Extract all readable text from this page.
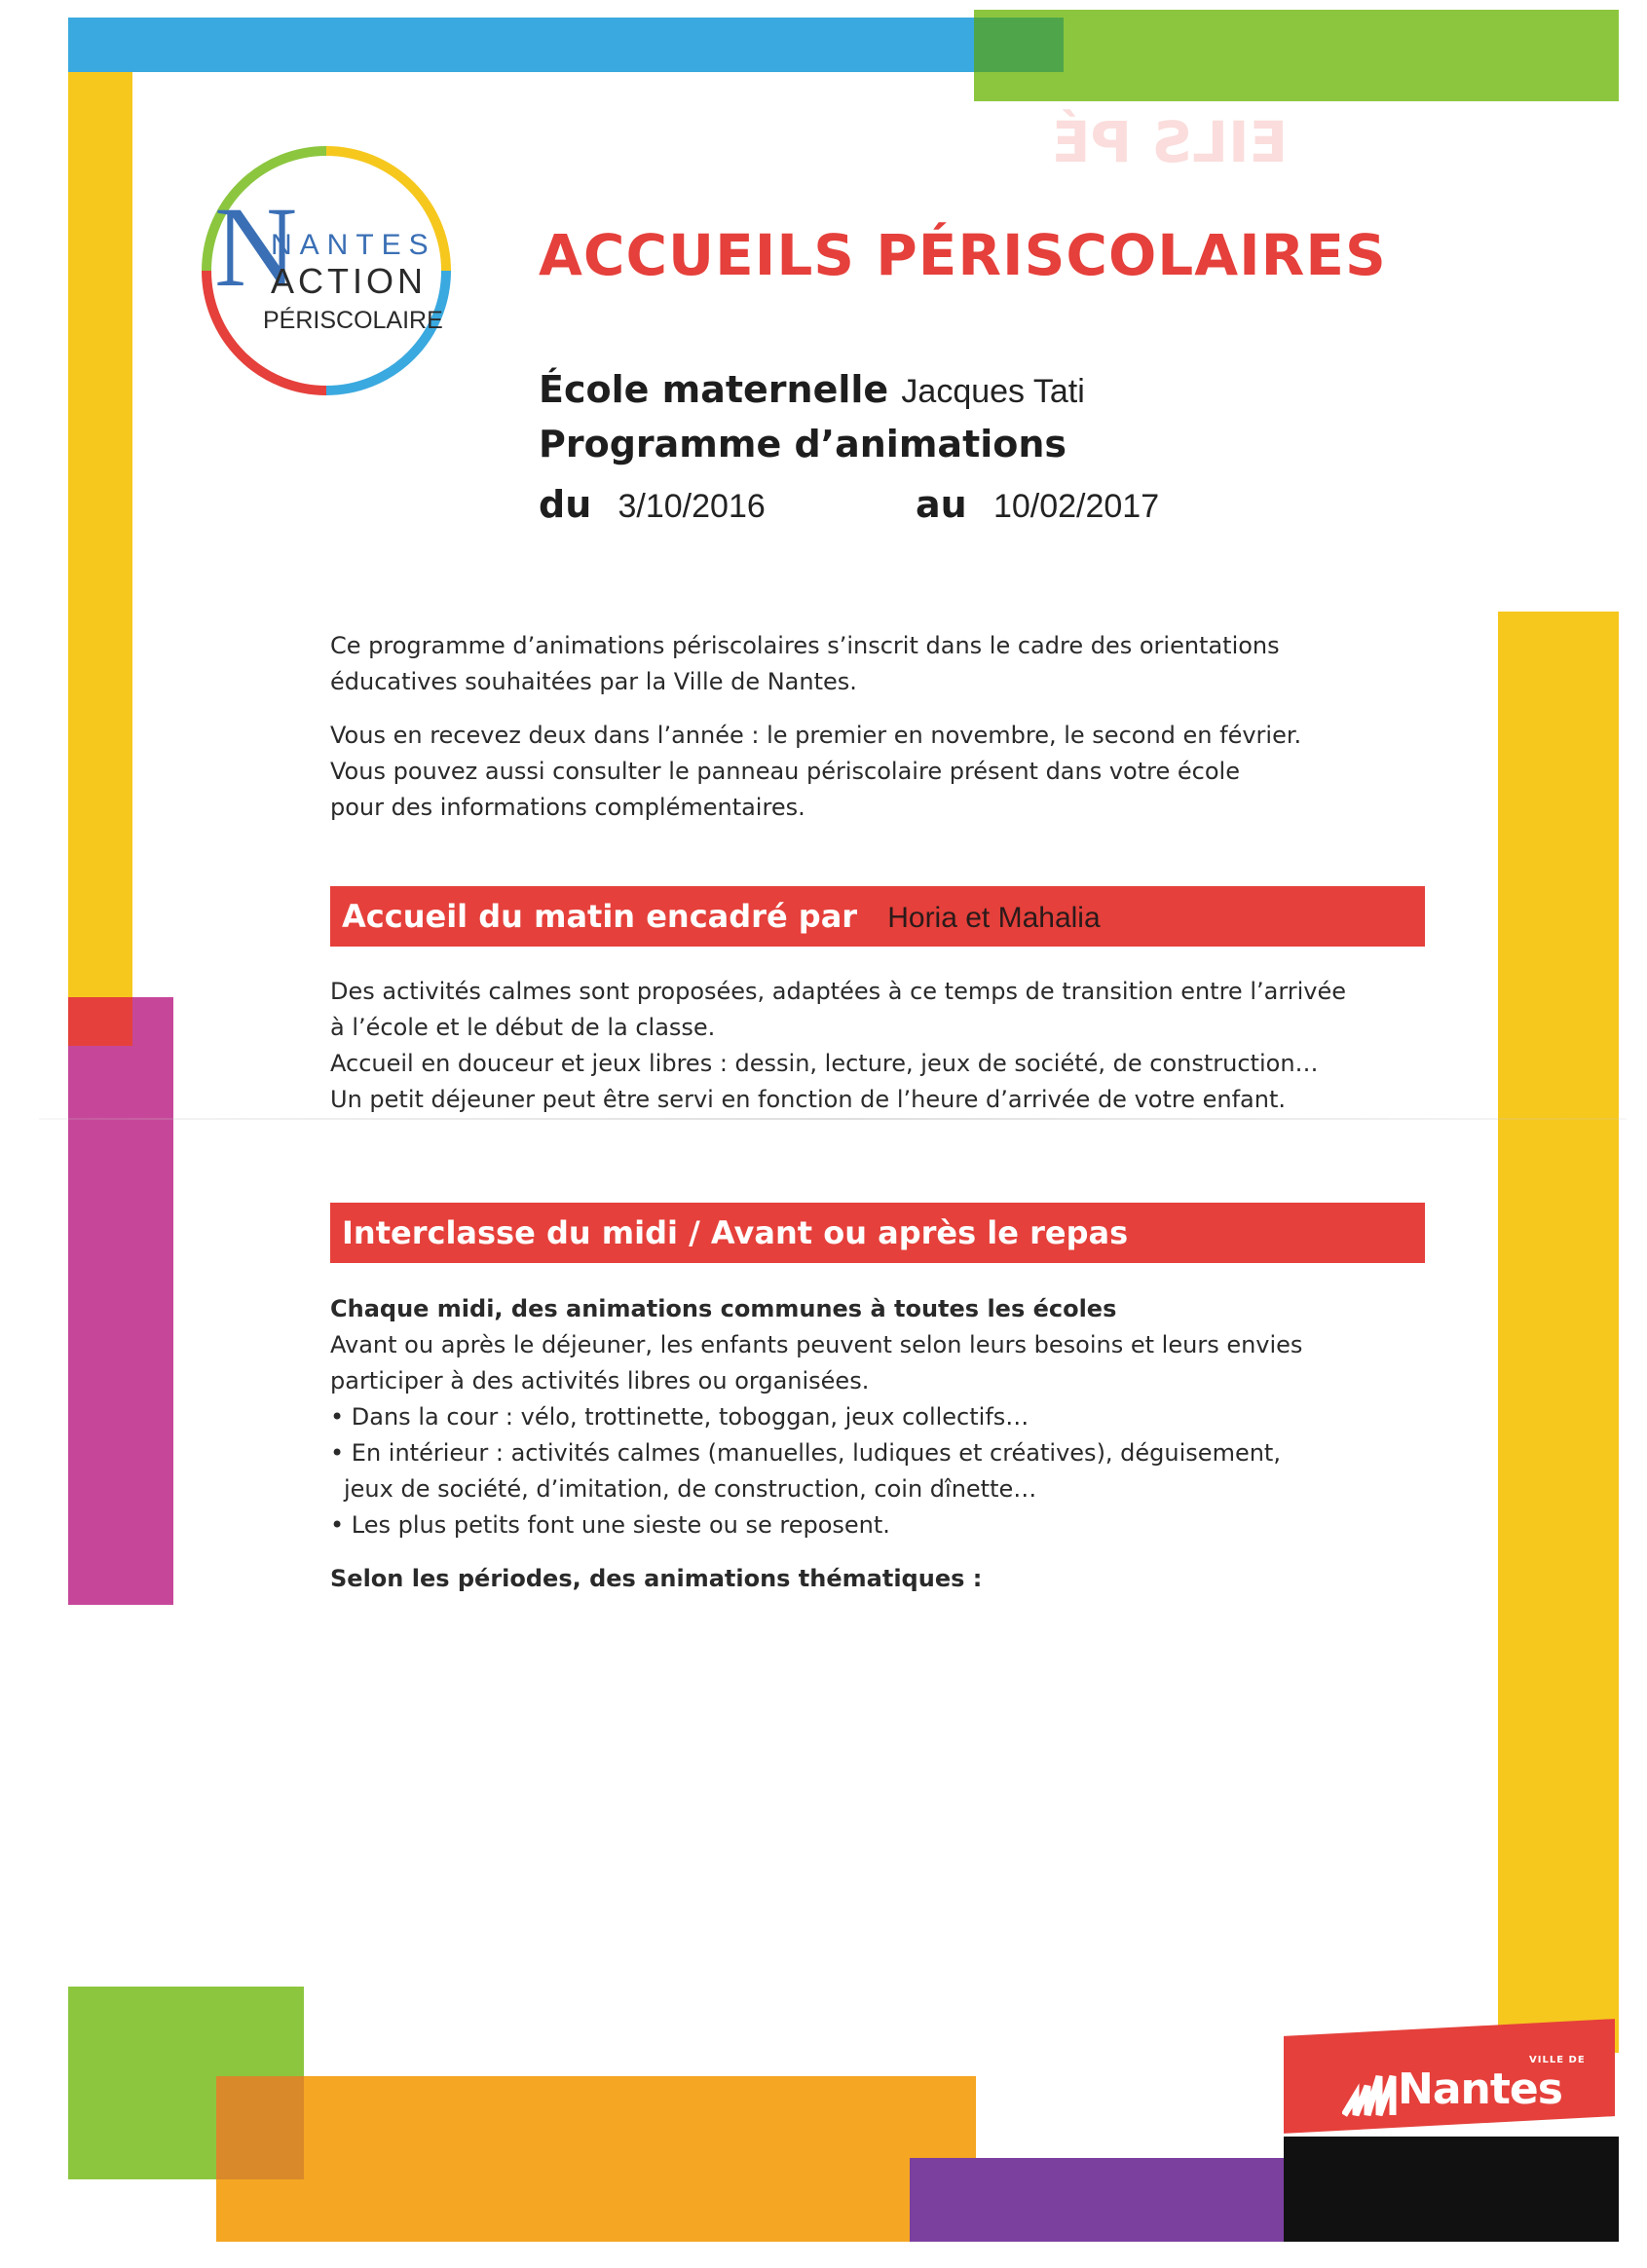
EILS PÉ
N
NANTES
ACTION
PÉRISCOLAIRE
ACCUEILS PÉRISCOLAIRES
École maternelle Jacques Tati
Programme d’animations
du 3/10/2016	au 10/02/2017

Ce programme d’animations périscolaires s’inscrit dans le cadre des orientations

éducatives souhaitées par la Ville de Nantes.

Vous en recevez deux dans l’année : le premier en novembre, le second en février.

Vous pouvez aussi consulter le panneau périscolaire présent dans votre école

pour des informations complémentaires.

Accueil du matin encadré par Horia et Mahalia

Des activités calmes sont proposées, adaptées à ce temps de transition entre l’arrivée

à l’école et le début de la classe.

Accueil en douceur et jeux libres : dessin, lecture, jeux de société, de construction…

Un petit déjeuner peut être servi en fonction de l’heure d’arrivée de votre enfant.

Interclasse du midi / Avant ou après le repas

Chaque midi, des animations communes à toutes les écoles

Avant ou après le déjeuner, les enfants peuvent selon leurs besoins et leurs envies

participer à des activités libres ou organisées.

• Dans la cour : vélo, trottinette, toboggan, jeux collectifs…

• En intérieur : activités calmes (manuelles, ludiques et créatives), déguisement,

jeux de société, d’imitation, de construction, coin dînette…

• Les plus petits font une sieste ou se reposent.

Selon les périodes, des animations thématiques :

VILLE DE
Nantes
